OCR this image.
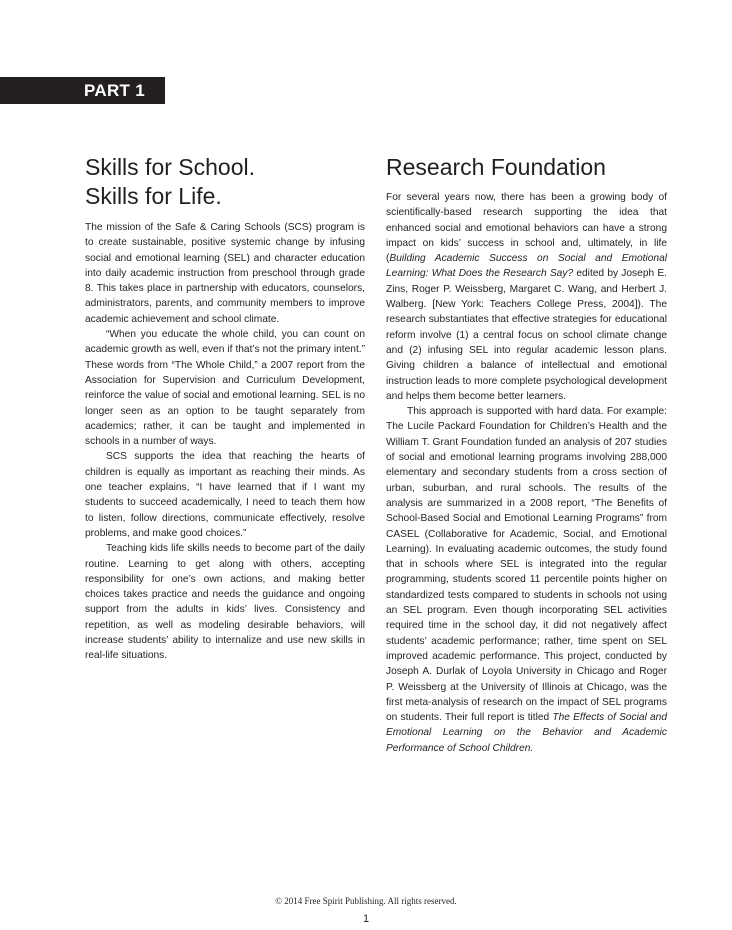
PART 1
Skills for School.
Skills for Life.

The mission of the Safe & Caring Schools (SCS) program is to create sustainable, positive systemic change by infusing social and emotional learning (SEL) and character education into daily academic instruction from preschool through grade 8. This takes place in partnership with educators, counselors, administrators, parents, and community members to improve academic achievement and school climate.

“When you educate the whole child, you can count on academic growth as well, even if that’s not the primary intent.” These words from “The Whole Child,” a 2007 report from the Association for Supervision and Curriculum Development, reinforce the value of social and emotional learning. SEL is no longer seen as an option to be taught separately from academics; rather, it can be taught and implemented in schools in a number of ways.

SCS supports the idea that reaching the hearts of children is equally as important as reaching their minds. As one teacher explains, “I have learned that if I want my students to succeed academically, I need to teach them how to listen, follow directions, communicate effectively, resolve problems, and make good choices.”

Teaching kids life skills needs to become part of the daily routine. Learning to get along with others, accepting responsibility for one’s own actions, and making better choices takes practice and needs the guidance and ongoing support from the adults in kids’ lives. Consistency and repetition, as well as modeling desirable behaviors, will increase students’ ability to internalize and use new skills in real-life situations.

Research Foundation

For several years now, there has been a growing body of scientifically-based research supporting the idea that enhanced social and emotional behaviors can have a strong impact on kids’ success in school and, ultimately, in life (Building Academic Success on Social and Emotional Learning: What Does the Research Say? edited by Joseph E. Zins, Roger P. Weissberg, Margaret C. Wang, and Herbert J. Walberg. [New York: Teachers College Press, 2004]). The research substantiates that effective strategies for educational reform involve (1) a central focus on school climate change and (2) infusing SEL into regular academic lesson plans. Giving children a balance of intellectual and emotional instruction leads to more complete psychological development and helps them become better learners.

This approach is supported with hard data. For example: The Lucile Packard Foundation for Children’s Health and the William T. Grant Foundation funded an analysis of 207 studies of social and emotional learning programs involving 288,000 elementary and secondary students from a cross section of urban, suburban, and rural schools. The results of the analysis are summarized in a 2008 report, “The Benefits of School-Based Social and Emotional Learning Programs” from CASEL (Collaborative for Academic, Social, and Emotional Learning). In evaluating academic outcomes, the study found that in schools where SEL is integrated into the regular programming, students scored 11 percentile points higher on standardized tests compared to students in schools not using an SEL program. Even though incorporating SEL activities required time in the school day, it did not negatively affect students’ academic performance; rather, time spent on SEL improved academic performance. This project, conducted by Joseph A. Durlak of Loyola University in Chicago and Roger P. Weissberg at the University of Illinois at Chicago, was the first meta-analysis of research on the impact of SEL programs on students. Their full report is titled The Effects of Social and Emotional Learning on the Behavior and Academic Performance of School Children.

© 2014 Free Spirit Publishing. All rights reserved.
1
